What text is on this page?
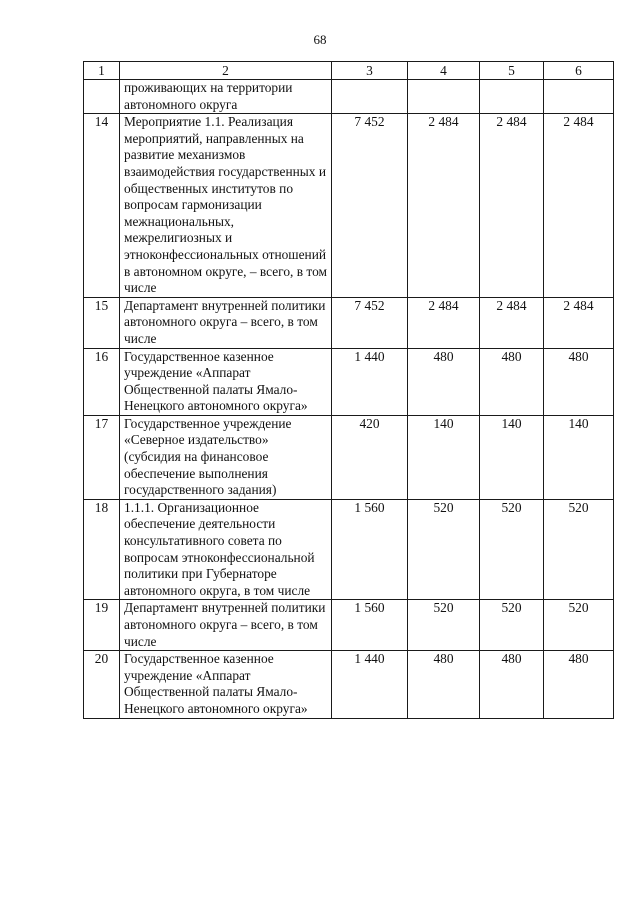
68
1	2	3	4	5	6
	проживающих на территории автономного округа				
14	Мероприятие 1.1. Реализация мероприятий, направленных на развитие механизмов взаимодействия государственных и общественных институтов по вопросам гармонизации межнациональных, межрелигиозных и этноконфессиональных отношений в автономном округе, – всего, в том числе	7 452	2 484	2 484	2 484
15	Департамент внутренней политики автономного округа – всего, в том числе	7 452	2 484	2 484	2 484
16	Государственное казенное учреждение «Аппарат Общественной палаты Ямало-Ненецкого автономного округа»	1 440	480	480	480
17	Государственное учреждение «Северное издательство» (субсидия на финансовое обеспечение выполнения государственного задания)	420	140	140	140
18	1.1.1. Организационное обеспечение деятельности консультативного совета по вопросам этноконфессиональной политики при Губернаторе автономного округа, в том числе	1 560	520	520	520
19	Департамент внутренней политики автономного округа – всего, в том числе	1 560	520	520	520
20	Государственное казенное учреждение «Аппарат Общественной палаты Ямало-Ненецкого автономного округа»	1 440	480	480	480
